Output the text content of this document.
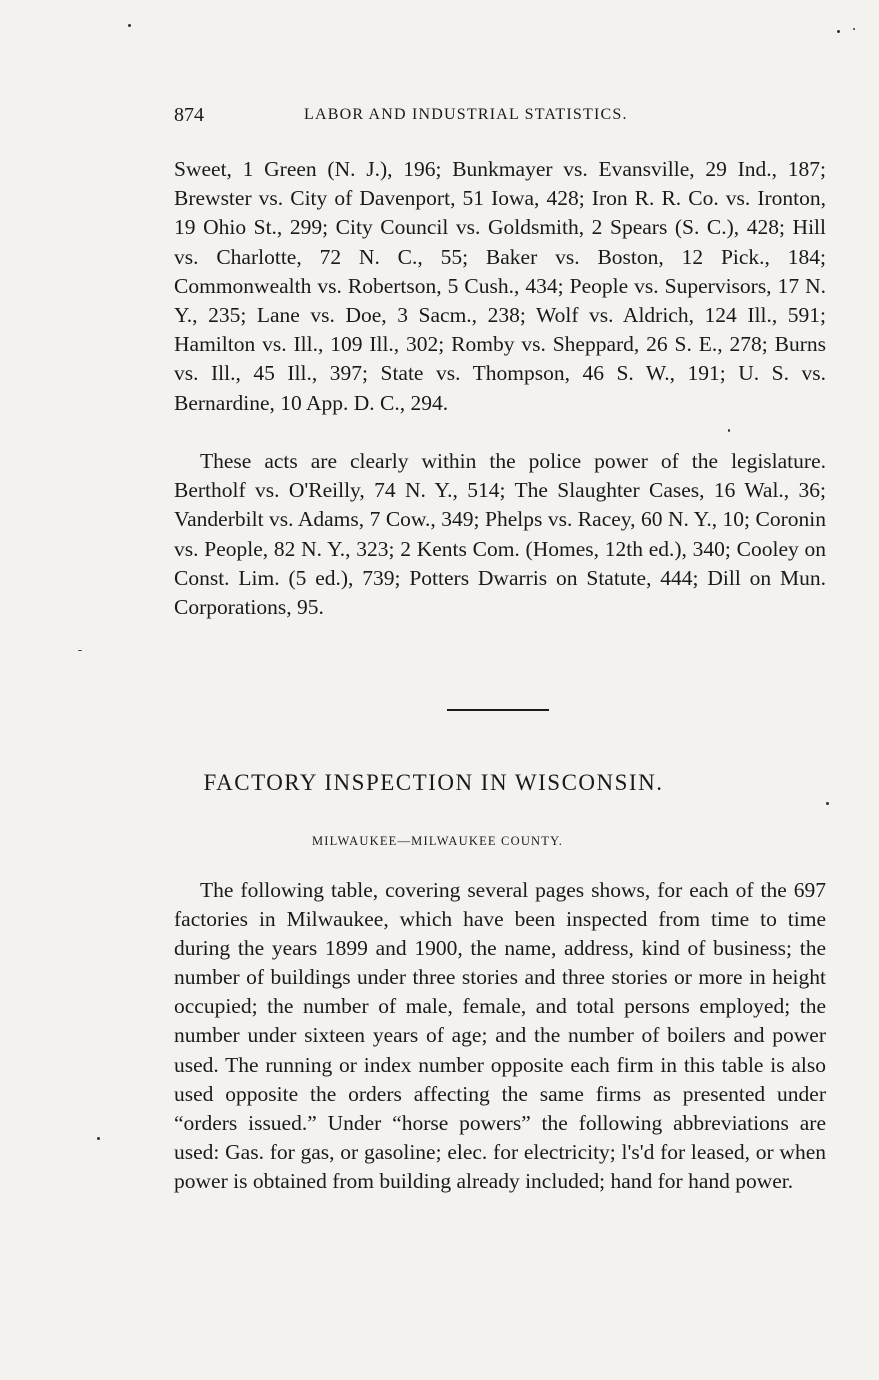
874	LABOR AND INDUSTRIAL STATISTICS.

Sweet, 1 Green (N. J.), 196; Bunkmayer vs. Evansville, 29 Ind., 187; Brewster vs. City of Davenport, 51 Iowa, 428; Iron R. R. Co. vs. Ironton, 19 Ohio St., 299; City Council vs. Goldsmith, 2 Spears (S. C.), 428; Hill vs. Charlotte, 72 N. C., 55; Baker vs. Boston, 12 Pick., 184; Commonwealth vs. Robertson, 5 Cush., 434; People vs. Supervisors, 17 N. Y., 235; Lane vs. Doe, 3 Sacm., 238; Wolf vs. Aldrich, 124 Ill., 591; Hamilton vs. Ill., 109 Ill., 302; Romby vs. Sheppard, 26 S. E., 278; Burns vs. Ill., 45 Ill., 397; State vs. Thompson, 46 S. W., 191; U. S. vs. Bernardine, 10 App. D. C., 294.

These acts are clearly within the police power of the legislature. Bertholf vs. O'Reilly, 74 N. Y., 514; The Slaughter Cases, 16 Wal., 36; Vanderbilt vs. Adams, 7 Cow., 349; Phelps vs. Racey, 60 N. Y., 10; Coronin vs. People, 82 N. Y., 323; 2 Kents Com. (Homes, 12th ed.), 340; Cooley on Const. Lim. (5 ed.), 739; Potters Dwarris on Statute, 444; Dill on Mun. Corporations, 95.

FACTORY INSPECTION IN WISCONSIN.
MILWAUKEE—MILWAUKEE COUNTY.

The following table, covering several pages shows, for each of the 697 factories in Milwaukee, which have been inspected from time to time during the years 1899 and 1900, the name, address, kind of business; the number of buildings under three stories and three stories or more in height occupied; the number of male, female, and total persons employed; the number under sixteen years of age; and the number of boilers and power used. The running or index number opposite each firm in this table is also used opposite the orders affecting the same firms as presented under “orders issued.” Under “horse powers” the following abbreviations are used: Gas. for gas, or gasoline; elec. for electricity; l's'd for leased, or when power is obtained from building already included; hand for hand power.
